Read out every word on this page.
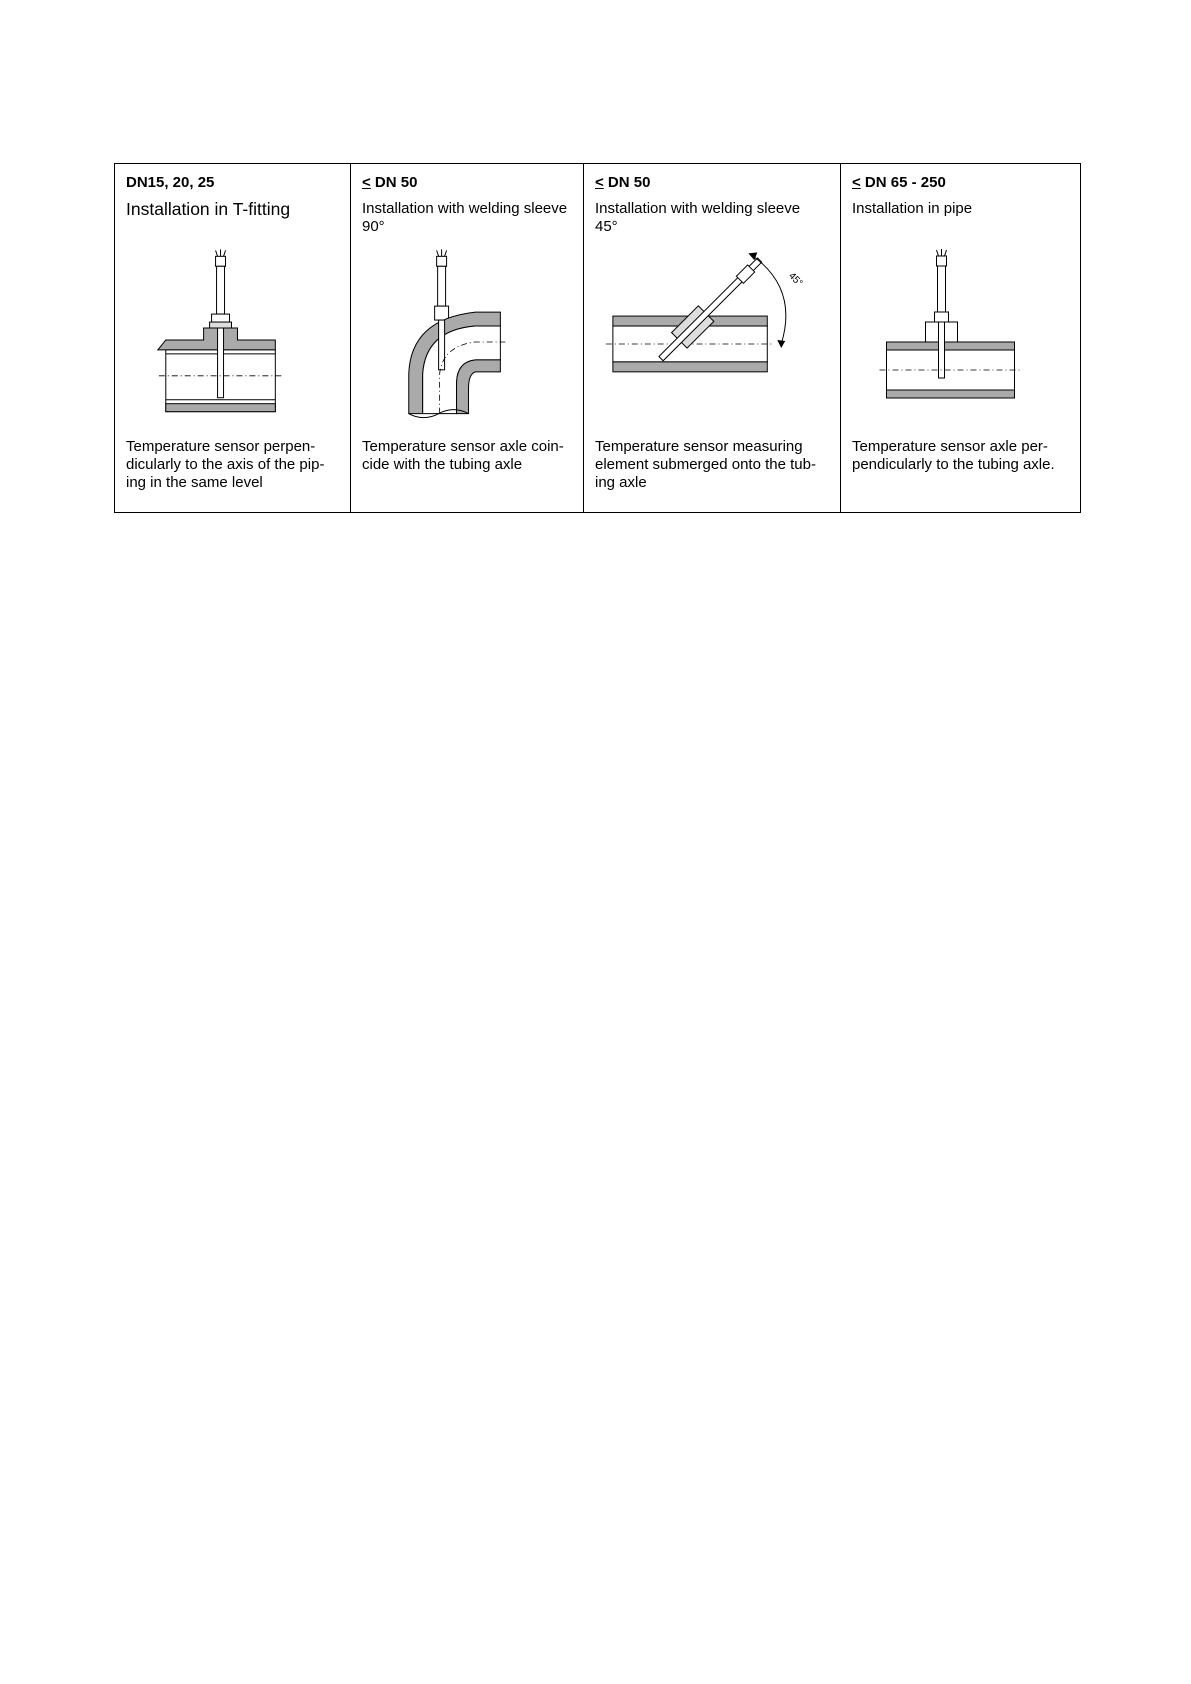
DN15, 20, 25
Installation in T-fitting
Temperature sensor perpen-
dicularly to the axis of the pip-
ing in the same level
< DN 50
Installation with welding sleeve 90°
Temperature sensor axle coin-
cide with the tubing axle
< DN 50
Installation with welding sleeve 45°
45°
Temperature sensor measuring
element submerged onto the tub-
ing axle
< DN 65 - 250
Installation in pipe
Temperature sensor axle per-
pendicularly to the tubing axle.
